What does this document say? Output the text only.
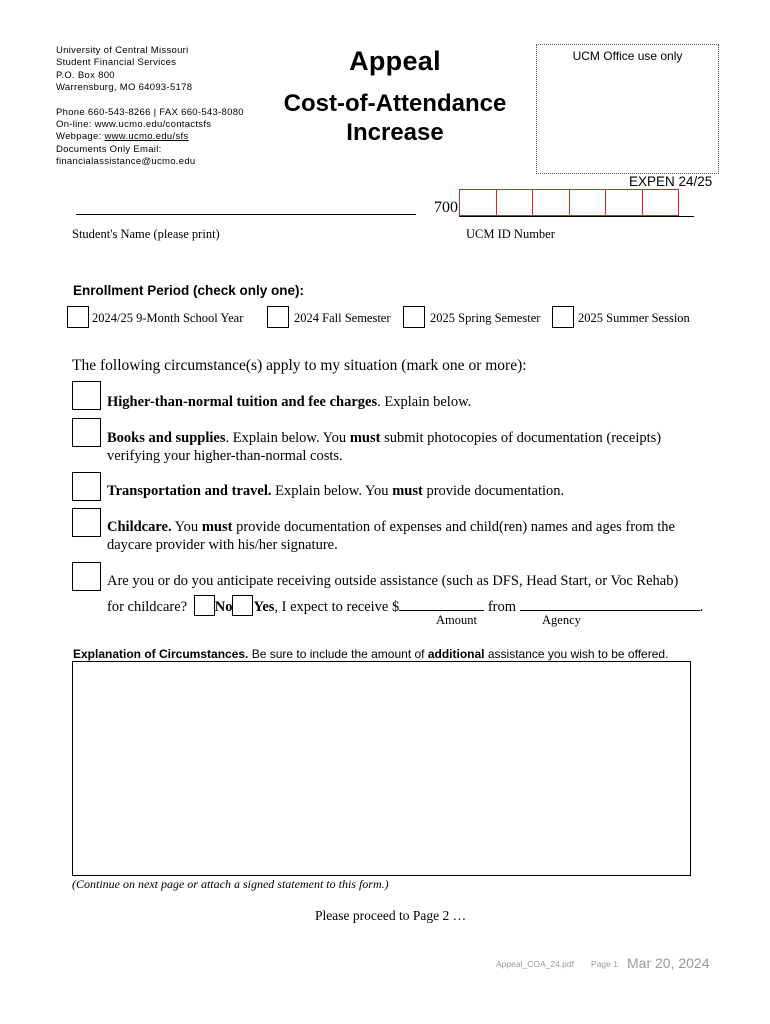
University of Central Missouri
Student Financial Services
P.O. Box 800
Warrensburg, MO 64093-5178
Phone 660-543-8266 | FAX 660-543-8080
On-line: www.ucmo.edu/contactsfs
Webpage: www.ucmo.edu/sfs
Documents Only Email:
financialassistance@ucmo.edu
Appeal
Cost-of-Attendance
Increase
UCM Office use only
EXPEN 24/25
Student's Name (please print)
700
UCM ID Number
Enrollment Period (check only one):
2024/25 9-Month School Year	2024 Fall Semester	2025 Spring Semester	2025 Summer Session
The following circumstance(s) apply to my situation (mark one or more):
Higher-than-normal tuition and fee charges. Explain below.
Books and supplies. Explain below. You must submit photocopies of documentation (receipts)
verifying your higher-than-normal costs.
Transportation and travel. Explain below. You must provide documentation.
Childcare. You must provide documentation of expenses and child(ren) names and ages from the
daycare provider with his/her signature.
Are you or do you anticipate receiving outside assistance (such as DFS, Head Start, or Voc Rehab)
for childcare? No Yes, I expect to receive $	from	.
Amount	Agency
Explanation of Circumstances. Be sure to include the amount of additional assistance you wish to be offered.
(Continue on next page or attach a signed statement to this form.)
Please proceed to Page 2 …
Appeal_COA_24.pdf Page 1 Mar 20, 2024
